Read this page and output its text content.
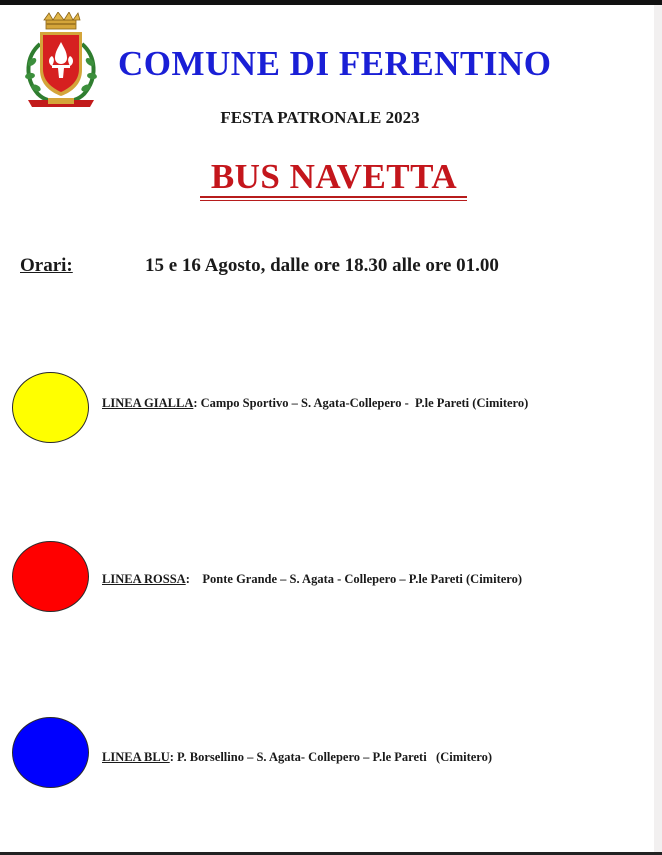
COMUNE DI FERENTINO
FESTA PATRONALE 2023
BUS NAVETTA
Orari:	15 e 16 Agosto, dalle ore 18.30 alle ore 01.00
LINEA GIALLA: Campo Sportivo – S. Agata-Collepero -  P.le Pareti (Cimitero)
LINEA ROSSA:    Ponte Grande – S. Agata - Collepero – P.le Pareti (Cimitero)
LINEA BLU: P. Borsellino – S. Agata- Collepero – P.le Pareti   (Cimitero)
